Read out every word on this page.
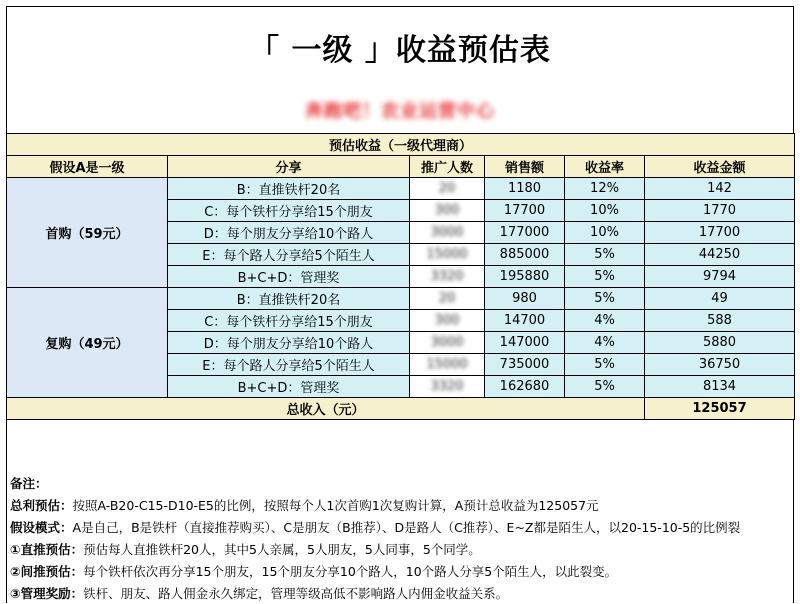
「 一级 」收益预估表
奔跑吧！农业运营中心
预估收益（一级代理商）					
假设A是一级	分享	推广人数	销售额	收益率	收益金额
首购（59元）	B：直推铁杆20名	20	1180	12%	142
	C：每个铁杆分享给15个朋友	300	17700	10%	1770
	D：每个朋友分享给10个路人	3000	177000	10%	17700
	E：每个路人分享给5个陌生人	15000	885000	5%	44250
	B+C+D：管理奖	3320	195880	5%	9794
复购（49元）	B：直推铁杆20名	20	980	5%	49
	C：每个铁杆分享给15个朋友	300	14700	4%	588
	D：每个朋友分享给10个路人	3000	147000	4%	5880
	E：每个路人分享给5个陌生人	15000	735000	5%	36750
	B+C+D：管理奖	3320	162680	5%	8134
总收入（元）					125057
备注：
总利预估：按照A-B20-C15-D10-E5的比例，按照每个人1次首购1次复购计算，A预计总收益为125057元
假设模式：A是自己，B是铁杆（直接推荐购买）、C是朋友（B推荐）、D是路人（C推荐）、E~Z都是陌生人，以20-15-10-5的比例裂
①直推预估：预估每人直推铁杆20人，其中5人亲属，5人朋友，5人同事，5个同学。
②间推预估：每个铁杆依次再分享15个朋友，15个朋友分享10个路人，10个路人分享5个陌生人，以此裂变。
③管理奖励：铁杆、朋友、路人佣金永久绑定，管理等级高低不影响路人内佣金收益关系。
